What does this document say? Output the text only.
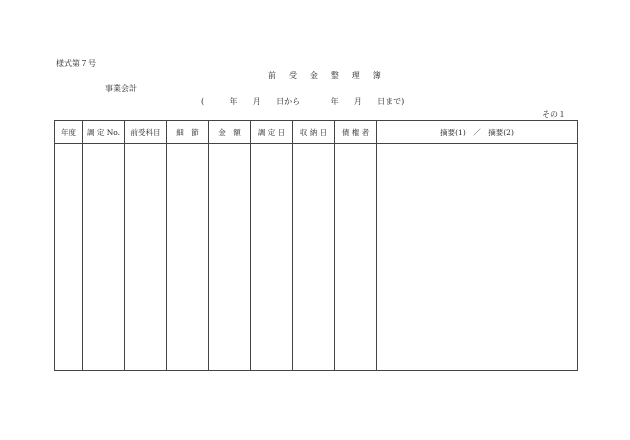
様式第７号
前 受 金 整 理 簿
事業会計
(          年      月      日から            年      月      日まで)
その１
年度	調 定 No.	前受科目	細　節	金　額	調 定 日	収 納 日	債 権 者	摘要(1)　／　摘要(2)
